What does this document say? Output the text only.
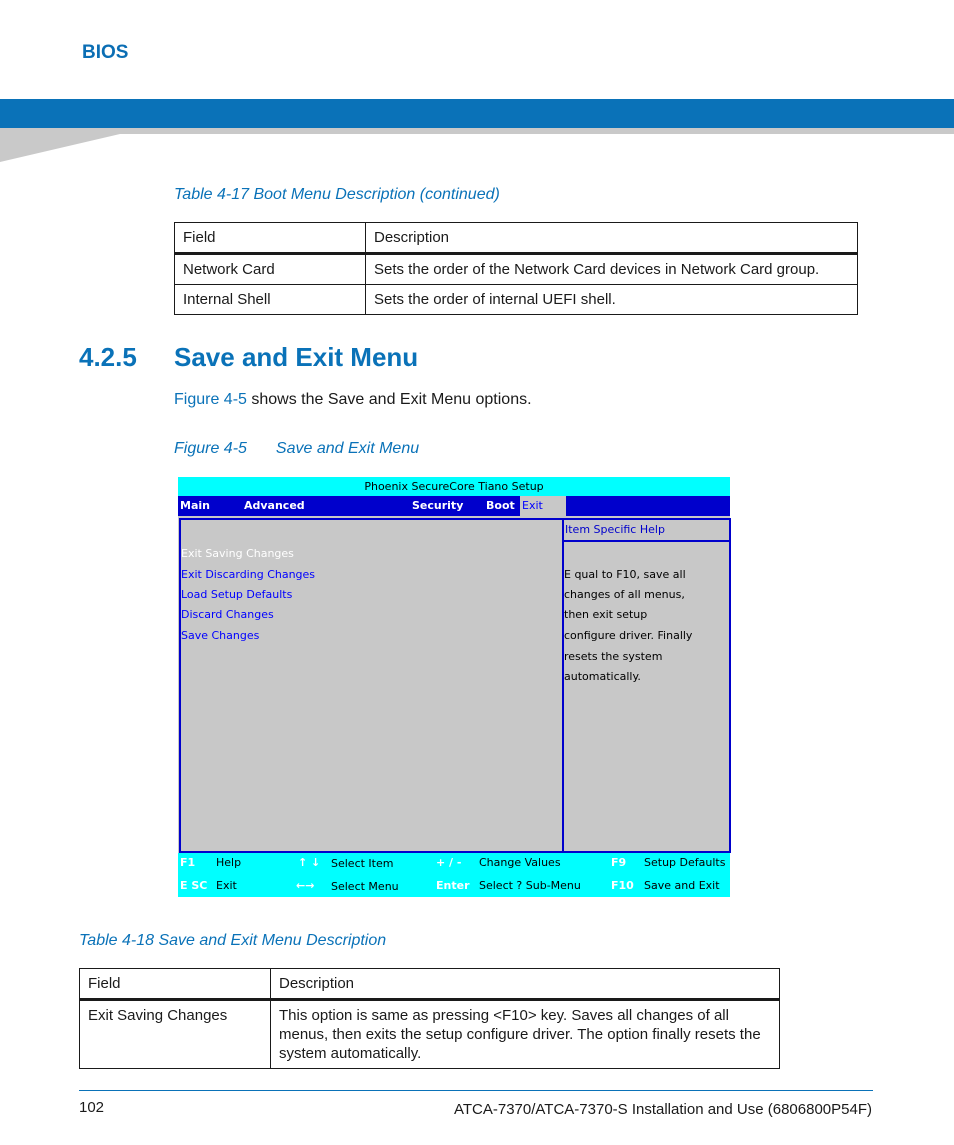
BIOS
Table 4-17 Boot Menu Description (continued)
Field	Description
Network Card	Sets the order of the Network Card devices in Network Card group.
Internal Shell	Sets the order of internal UEFI shell.
4.2.5 Save and Exit Menu
Figure 4-5 shows the Save and Exit Menu options.
Figure 4-5 Save and Exit Menu
Phoenix SecureCore Tiano Setup
Main	Advanced	Security Boot Exit
Item Specific Help
Exit Saving Changes
Exit Discarding Changes
Load Setup Defaults
Discard Changes
Save Changes
E qual to F10, save all
changes of all menus,
then exit setup
configure driver. Finally
resets the system
automatically.
F1 Help	↑ ↓ Select Item	+ / - Change Values	F9 Setup Defaults
E SC Exit	←→ Select Menu	Enter Select ? Sub-Menu	F10 Save and Exit
Table 4-18 Save and Exit Menu Description
Field	Description
Exit Saving Changes	This option is same as pressing <F10> key. Saves all changes of all menus, then exits the setup configure driver. The option finally resets the system automatically.
102	ATCA-7370/ATCA-7370-S Installation and Use (6806800P54F)
